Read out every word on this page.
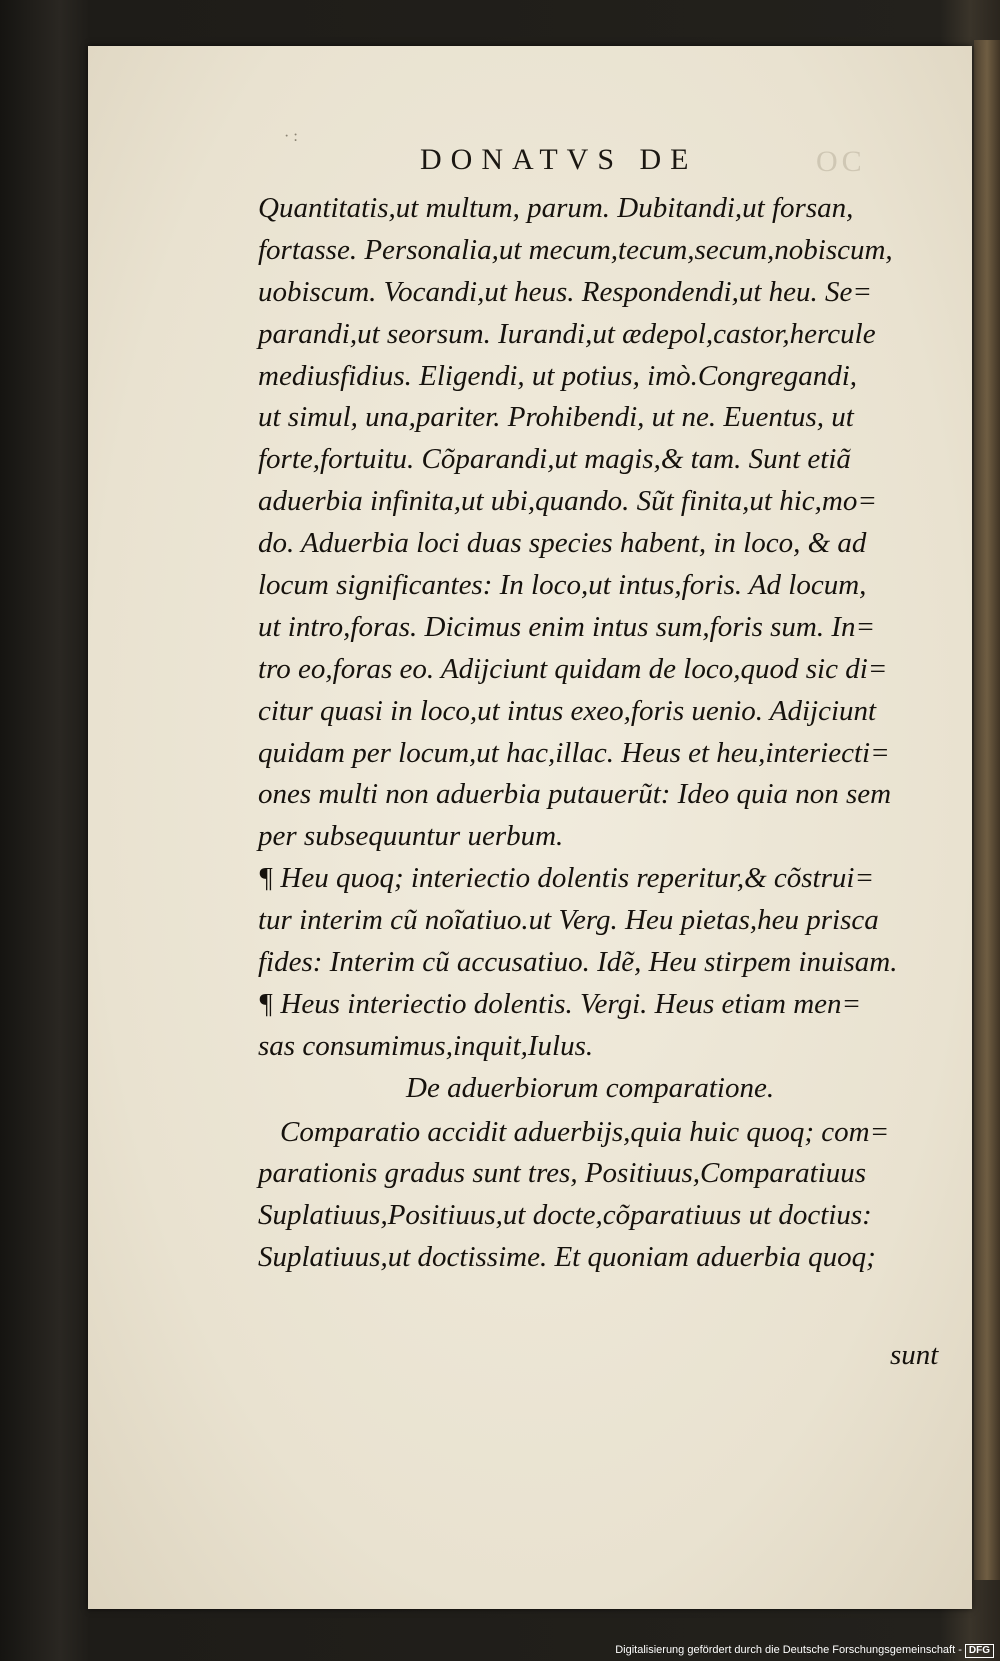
· :
DONATVS DE	OC
Quantitatis,ut multum, parum. Dubitandi,ut forsan,
fortasse. Personalia,ut mecum,tecum,secum,nobiscum,
uobiscum. Vocandi,ut heus. Respondendi,ut heu. Se=
parandi,ut seorsum. Iurandi,ut ædepol,castor,hercule
mediusfidius. Eligendi, ut potius, imò.Congregandi,
ut simul, una,pariter. Prohibendi, ut ne. Euentus, ut
forte,fortuitu. Cõparandi,ut magis,& tam. Sunt etiã
aduerbia infinita,ut ubi,quando. Sũt finita,ut hic,mo=
do. Aduerbia loci duas species habent, in loco, & ad
locum significantes: In loco,ut intus,foris. Ad locum,
ut intro,foras. Dicimus enim intus sum,foris sum. In=
tro eo,foras eo. Adijciunt quidam de loco,quod sic di=
citur quasi in loco,ut intus exeo,foris uenio. Adijciunt
quidam per locum,ut hac,illac. Heus et heu,interiecti=
ones multi non aduerbia putauerũt: Ideo quia non sem
per subsequuntur uerbum.
¶ Heu quoq; interiectio dolentis reperitur,& cõstrui=
tur interim cũ noĩatiuo.ut Verg. Heu pietas,heu prisca
fides: Interim cũ accusatiuo. Idẽ, Heu stirpem inuisam.
¶ Heus interiectio dolentis. Vergi. Heus etiam men=
sas consumimus,inquit,Iulus.
De aduerbiorum comparatione.
Comparatio accidit aduerbijs,quia huic quoq; com=
parationis gradus sunt tres, Positiuus,Comparatiuus
Suplatiuus,Positiuus,ut docte,cõparatiuus ut doctius:
Suplatiuus,ut doctissime. Et quoniam aduerbia quoq;
sunt
Digitalisierung gefördert durch die Deutsche Forschungsgemeinschaft - DFG
